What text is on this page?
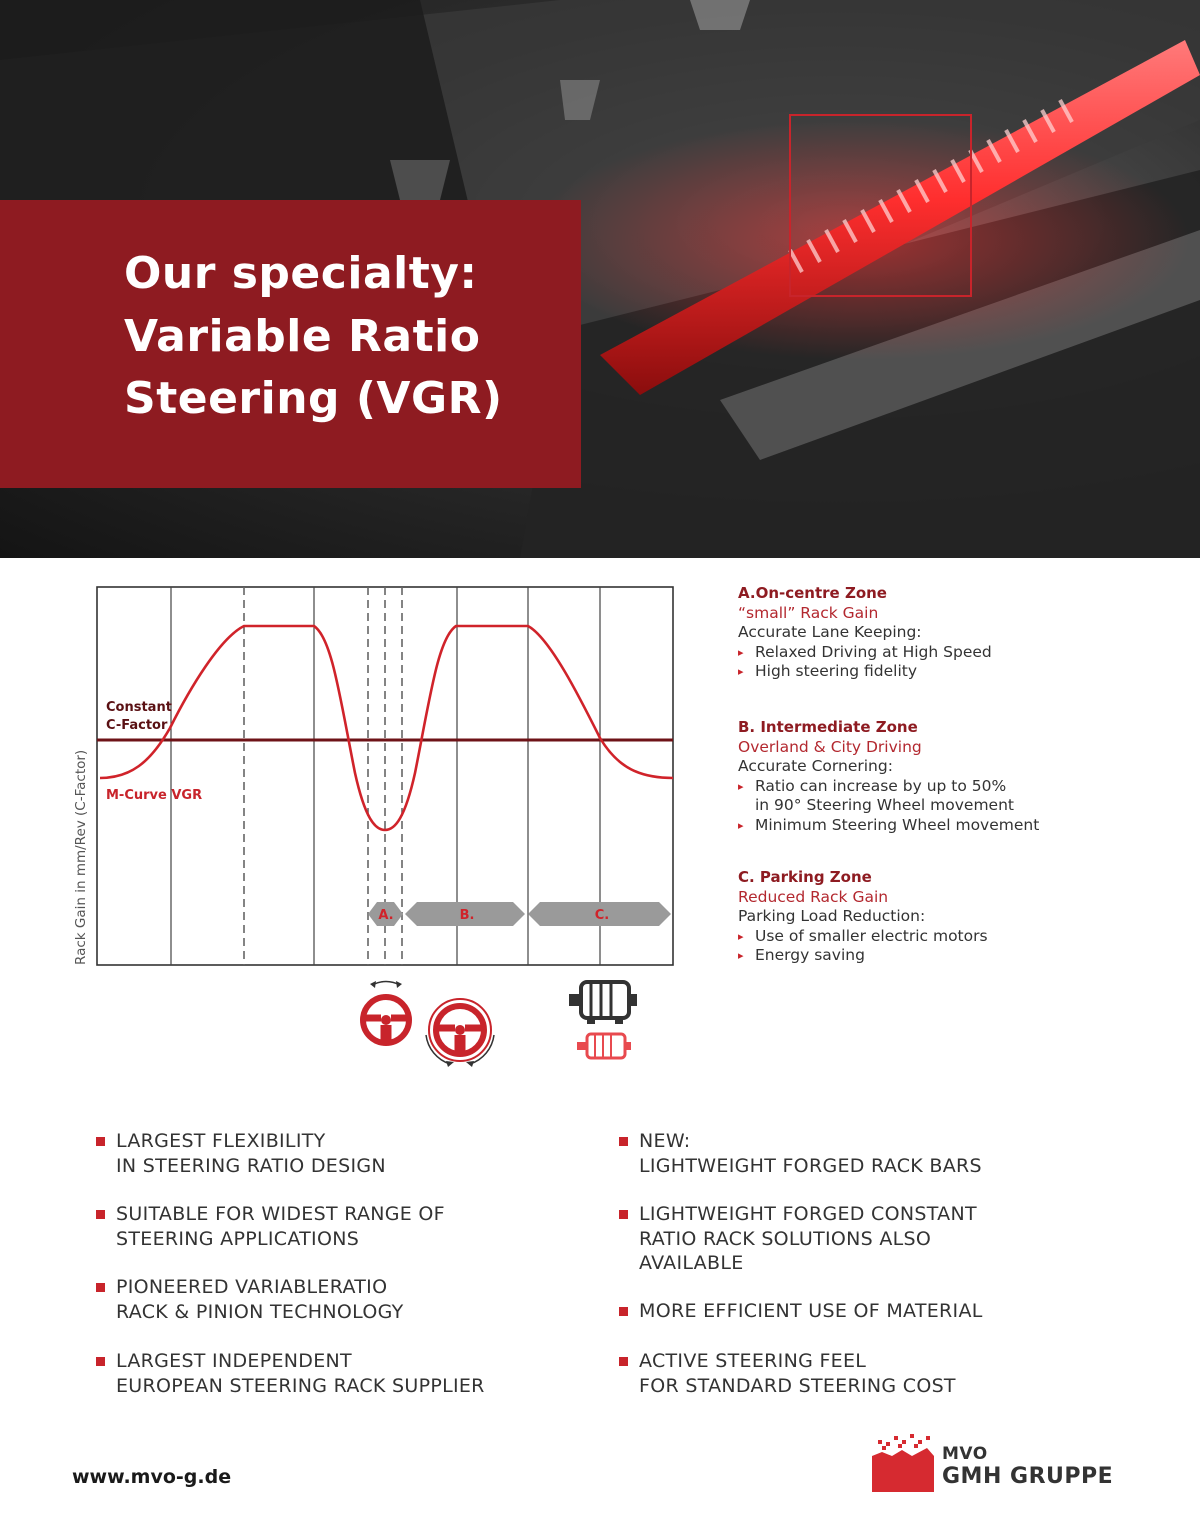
Our specialty:
Variable Ratio
Steering (VGR)
A.	B.	C.
Constant
C-Factor
M-Curve VGR
Rack Gain in mm/Rev (C-Factor)
A.On-centre Zone
“small” Rack Gain
Accurate Lane Keeping:
▸ Relaxed Driving at High Speed
▸ High steering fidelity
B. Intermediate Zone
Overland & City Driving
Accurate Cornering:
▸ Ratio can increase by up to 50%
in 90° Steering Wheel movement
▸ Minimum Steering Wheel movement
C. Parking Zone
Reduced Rack Gain
Parking Load Reduction:
▸ Use of smaller electric motors
▸ Energy saving
LARGEST FLEXIBILITY
IN STEERING RATIO DESIGN
SUITABLE FOR WIDEST RANGE OF
STEERING APPLICATIONS
PIONEERED VARIABLERATIO
RACK & PINION TECHNOLOGY
LARGEST INDEPENDENT
EUROPEAN STEERING RACK SUPPLIER
NEW:
LIGHTWEIGHT FORGED RACK BARS
LIGHTWEIGHT FORGED CONSTANT
RATIO RACK SOLUTIONS ALSO
AVAILABLE
MORE EFFICIENT USE OF MATERIAL
ACTIVE STEERING FEEL
FOR STANDARD STEERING COST
www.mvo-g.de
MVO
GMH GRUPPE
